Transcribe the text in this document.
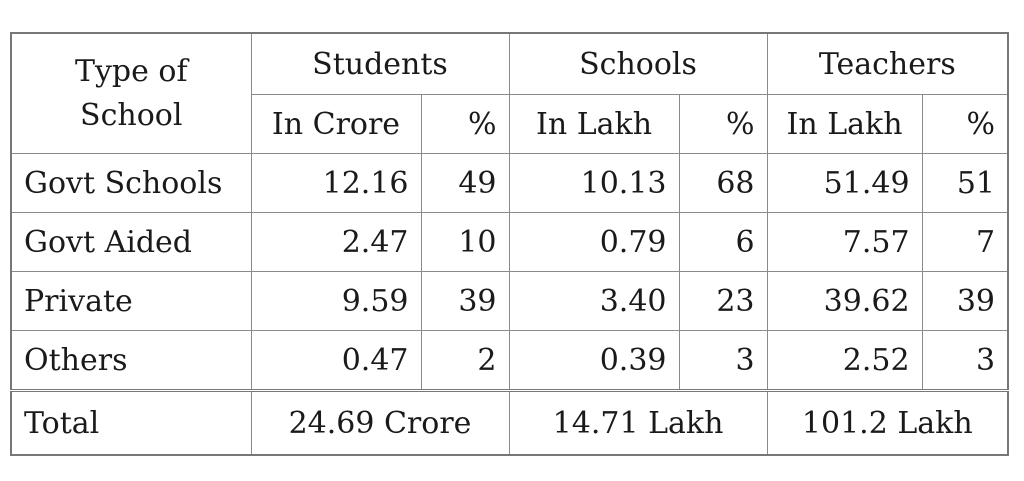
Type of
School	Students		Schools		Teachers	
	In Crore	%	In Lakh	%	In Lakh	%
Govt Schools	12.16	49	10.13	68	51.49	51
Govt Aided	2.47	10	0.79	6	7.57	7
Private	9.59	39	3.40	23	39.62	39
Others	0.47	2	0.39	3	2.52	3
Total	24.69 Crore		14.71 Lakh		101.2 Lakh	
